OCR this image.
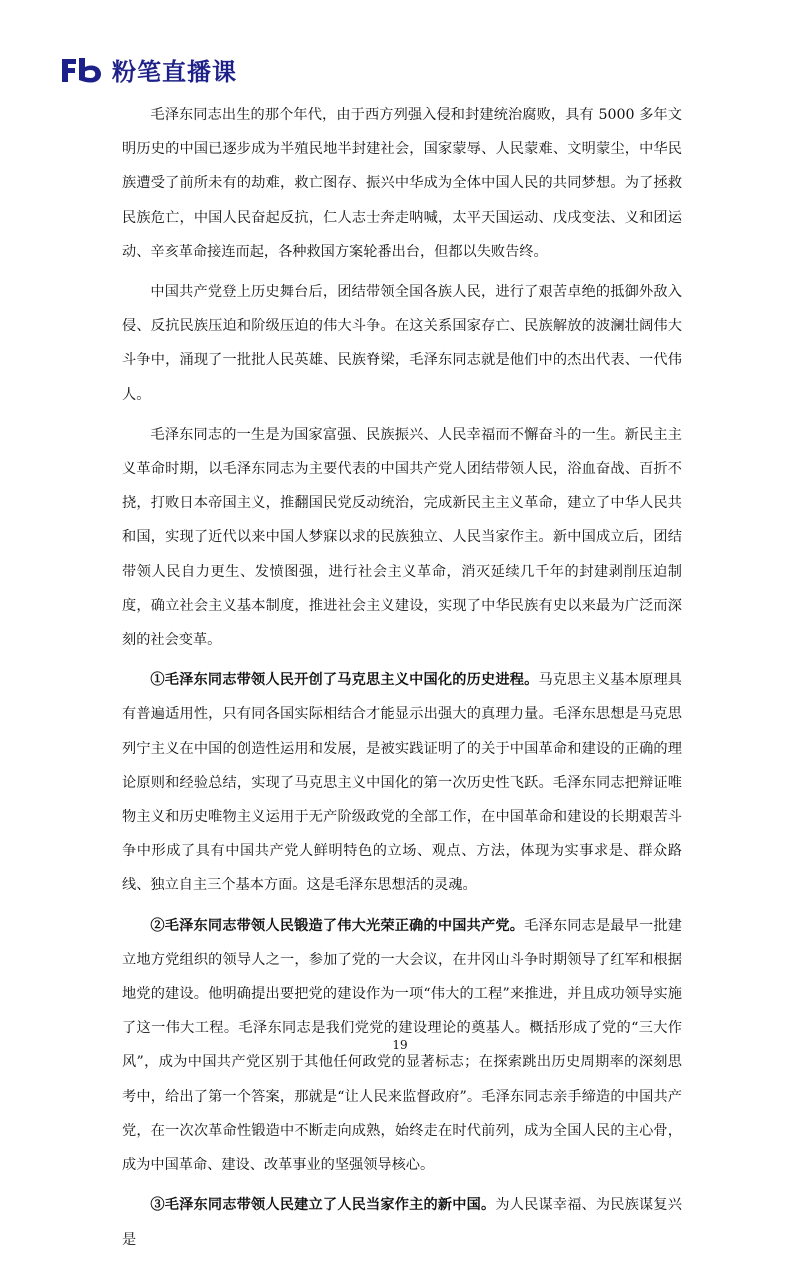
粉笔直播课

毛泽东同志出生的那个年代，由于西方列强入侵和封建统治腐败，具有 5000 多年文明历史的中国已逐步成为半殖民地半封建社会，国家蒙辱、人民蒙难、文明蒙尘，中华民族遭受了前所未有的劫难，救亡图存、振兴中华成为全体中国人民的共同梦想。为了拯救民族危亡，中国人民奋起反抗，仁人志士奔走呐喊，太平天国运动、戊戌变法、义和团运动、辛亥革命接连而起，各种救国方案轮番出台，但都以失败告终。

中国共产党登上历史舞台后，团结带领全国各族人民，进行了艰苦卓绝的抵御外敌入侵、反抗民族压迫和阶级压迫的伟大斗争。在这关系国家存亡、民族解放的波澜壮阔伟大斗争中，涌现了一批批人民英雄、民族脊梁，毛泽东同志就是他们中的杰出代表、一代伟人。

毛泽东同志的一生是为国家富强、民族振兴、人民幸福而不懈奋斗的一生。新民主主义革命时期，以毛泽东同志为主要代表的中国共产党人团结带领人民，浴血奋战、百折不挠，打败日本帝国主义，推翻国民党反动统治，完成新民主主义革命，建立了中华人民共和国，实现了近代以来中国人梦寐以求的民族独立、人民当家作主。新中国成立后，团结带领人民自力更生、发愤图强，进行社会主义革命，消灭延续几千年的封建剥削压迫制度，确立社会主义基本制度，推进社会主义建设，实现了中华民族有史以来最为广泛而深刻的社会变革。

①毛泽东同志带领人民开创了马克思主义中国化的历史进程。马克思主义基本原理具有普遍适用性，只有同各国实际相结合才能显示出强大的真理力量。毛泽东思想是马克思列宁主义在中国的创造性运用和发展，是被实践证明了的关于中国革命和建设的正确的理论原则和经验总结，实现了马克思主义中国化的第一次历史性飞跃。毛泽东同志把辩证唯物主义和历史唯物主义运用于无产阶级政党的全部工作，在中国革命和建设的长期艰苦斗争中形成了具有中国共产党人鲜明特色的立场、观点、方法，体现为实事求是、群众路线、独立自主三个基本方面。这是毛泽东思想活的灵魂。

②毛泽东同志带领人民锻造了伟大光荣正确的中国共产党。毛泽东同志是最早一批建立地方党组织的领导人之一，参加了党的一大会议，在井冈山斗争时期领导了红军和根据地党的建设。他明确提出要把党的建设作为一项“伟大的工程”来推进，并且成功领导实施了这一伟大工程。毛泽东同志是我们党党的建设理论的奠基人。概括形成了党的“三大作风”，成为中国共产党区别于其他任何政党的显著标志；在探索跳出历史周期率的深刻思考中，给出了第一个答案，那就是“让人民来监督政府”。毛泽东同志亲手缔造的中国共产党，在一次次革命性锻造中不断走向成熟，始终走在时代前列，成为全国人民的主心骨，成为中国革命、建设、改革事业的坚强领导核心。

③毛泽东同志带领人民建立了人民当家作主的新中国。为人民谋幸福、为民族谋复兴是

19
